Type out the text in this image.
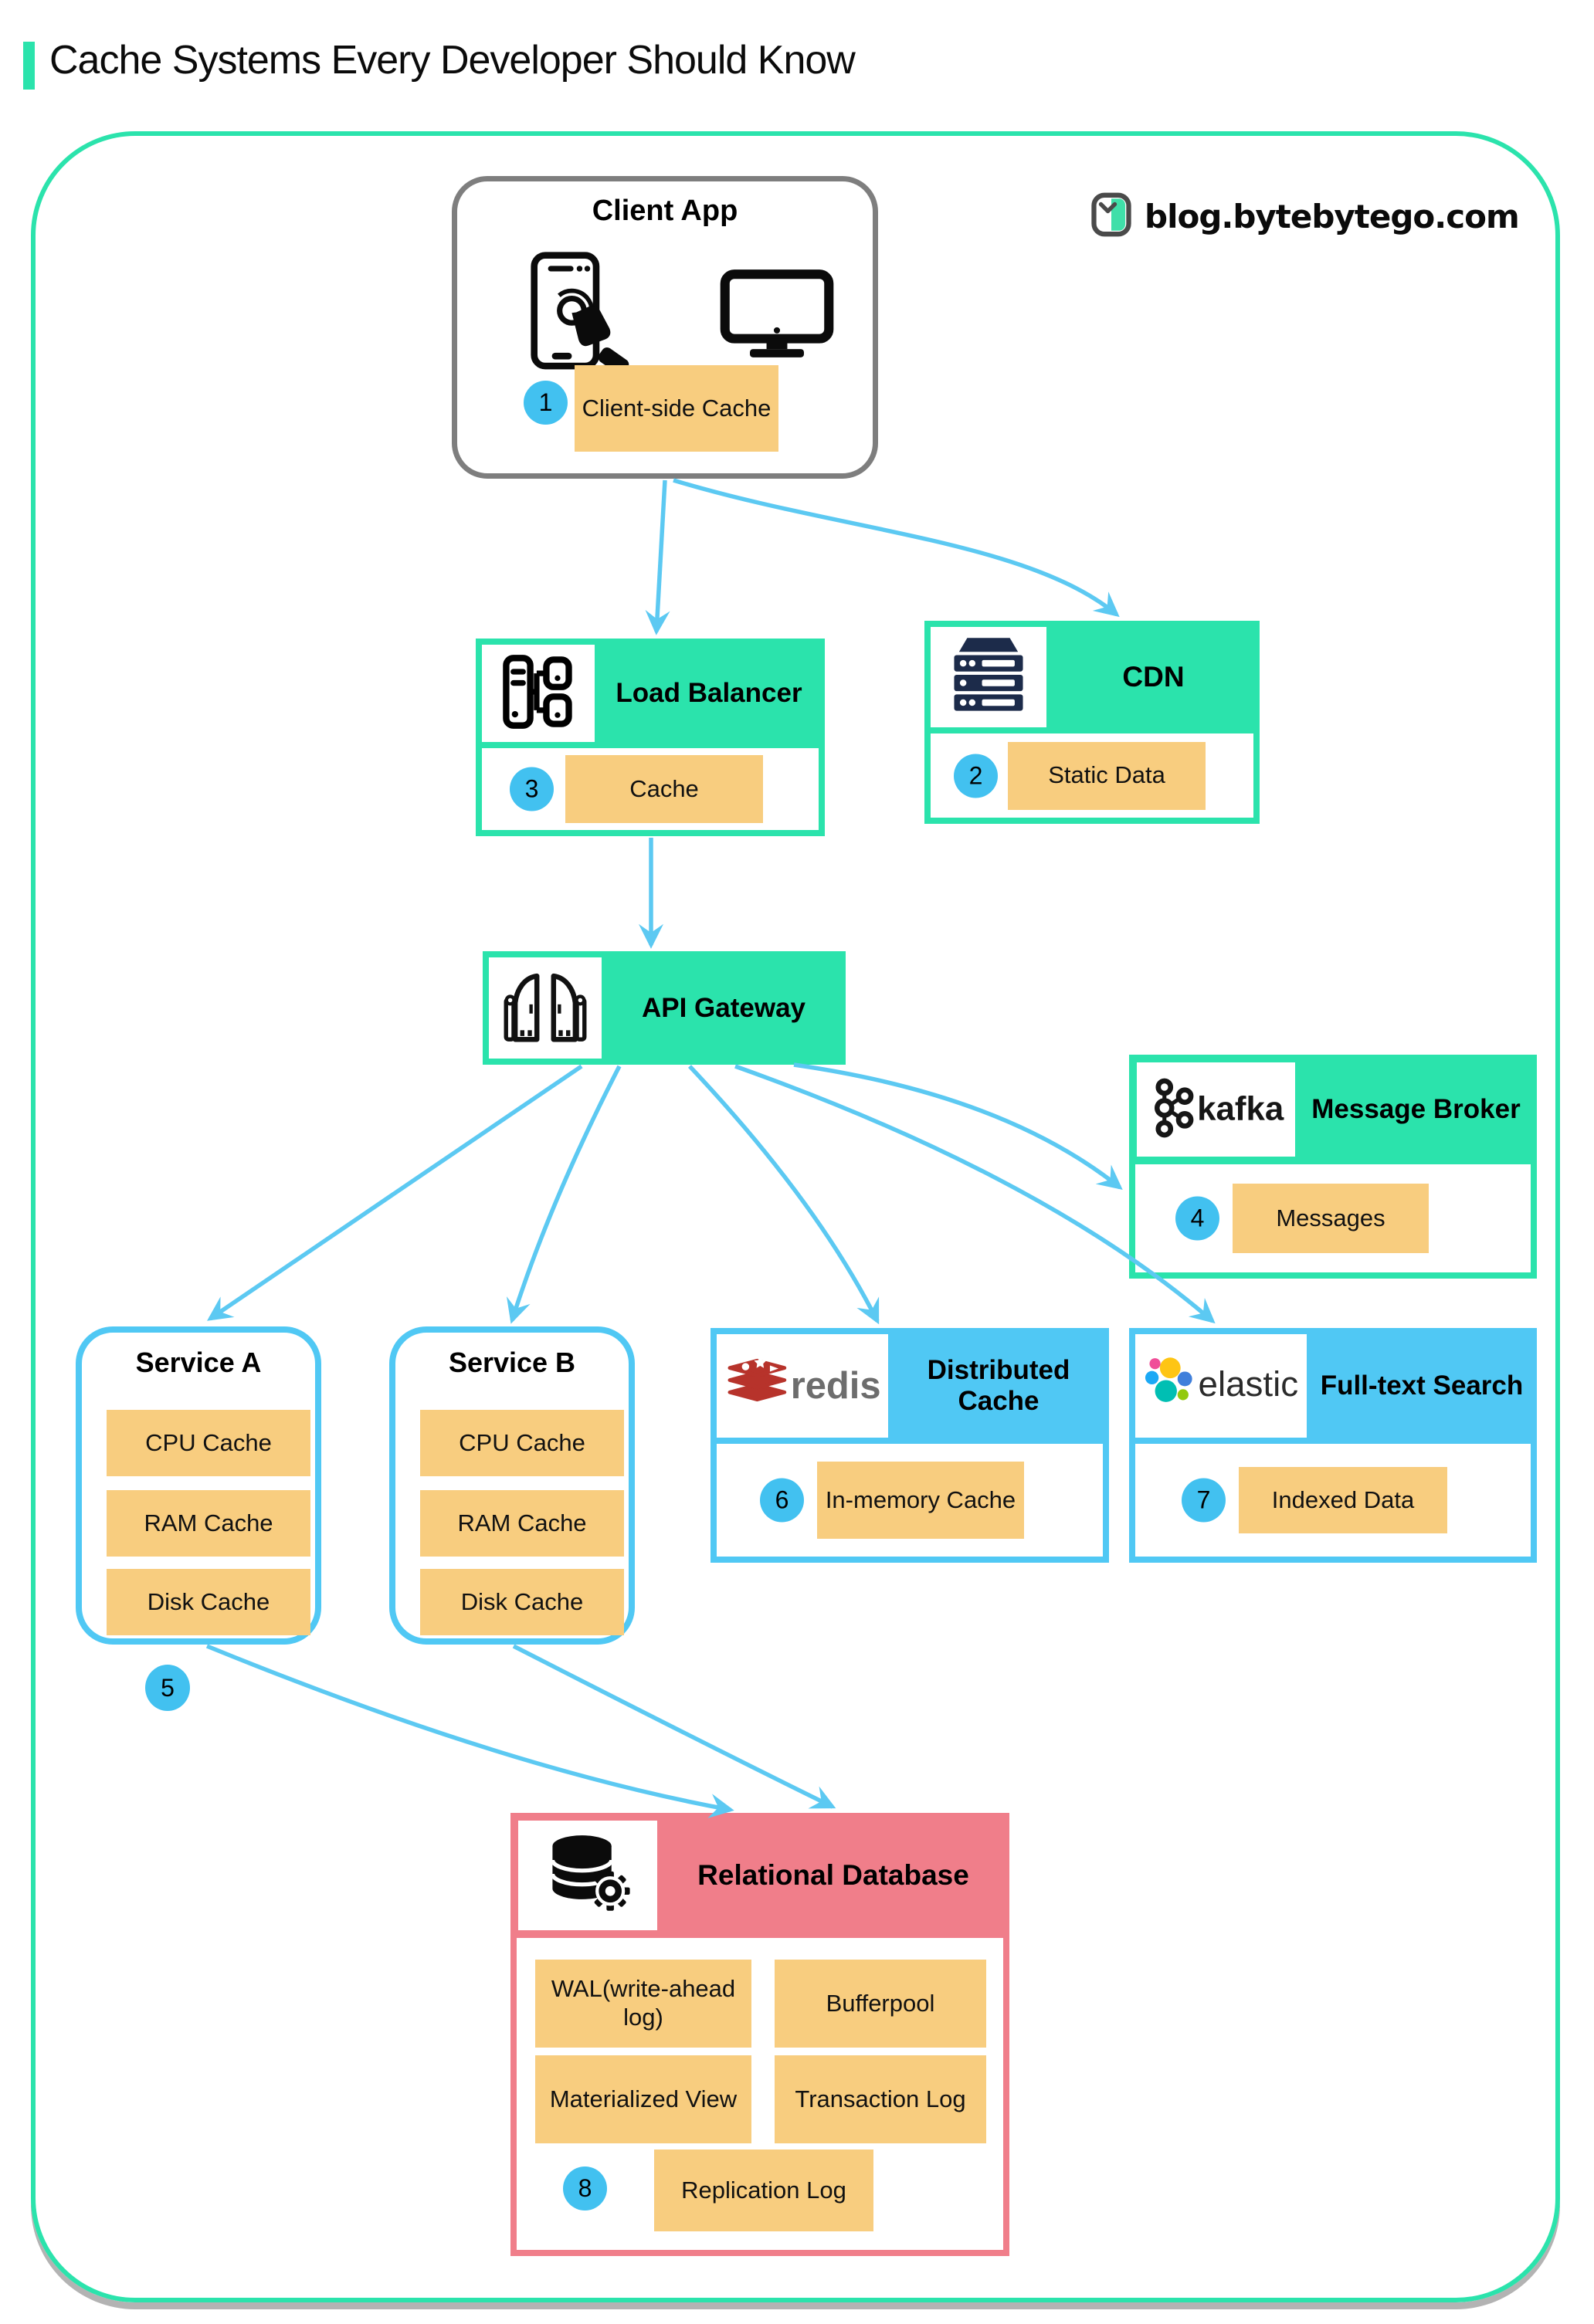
Cache Systems Every Developer Should Know
blog.bytebytego.com
Client App
1	Client-side Cache
Load Balancer
3	Cache
CDN
2	Static Data
API Gateway
kafka	Message Broker
4	Messages
Service A
CPU Cache
RAM Cache
Disk Cache
Service B
CPU Cache
RAM Cache
Disk Cache
5
redis	Distributed Cache
6	In-memory Cache
elastic Full-text Search
7	Indexed Data
Relational Database
WAL(write-ahead log)
Bufferpool
Materialized View	Transaction Log
8	Replication Log
